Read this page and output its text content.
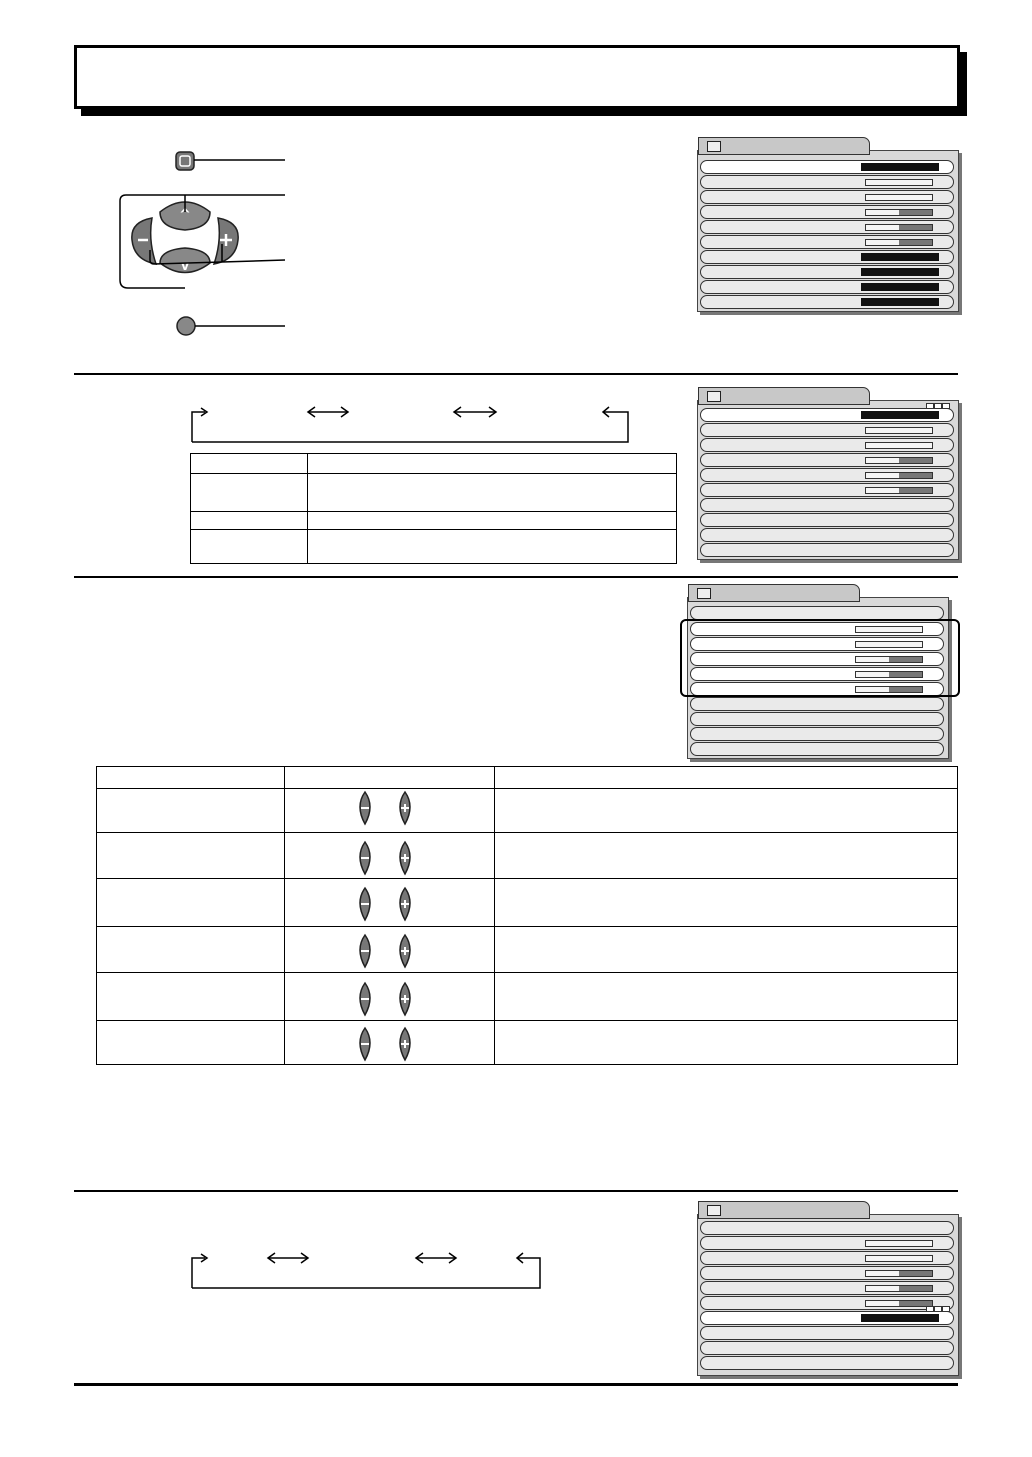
^
v
